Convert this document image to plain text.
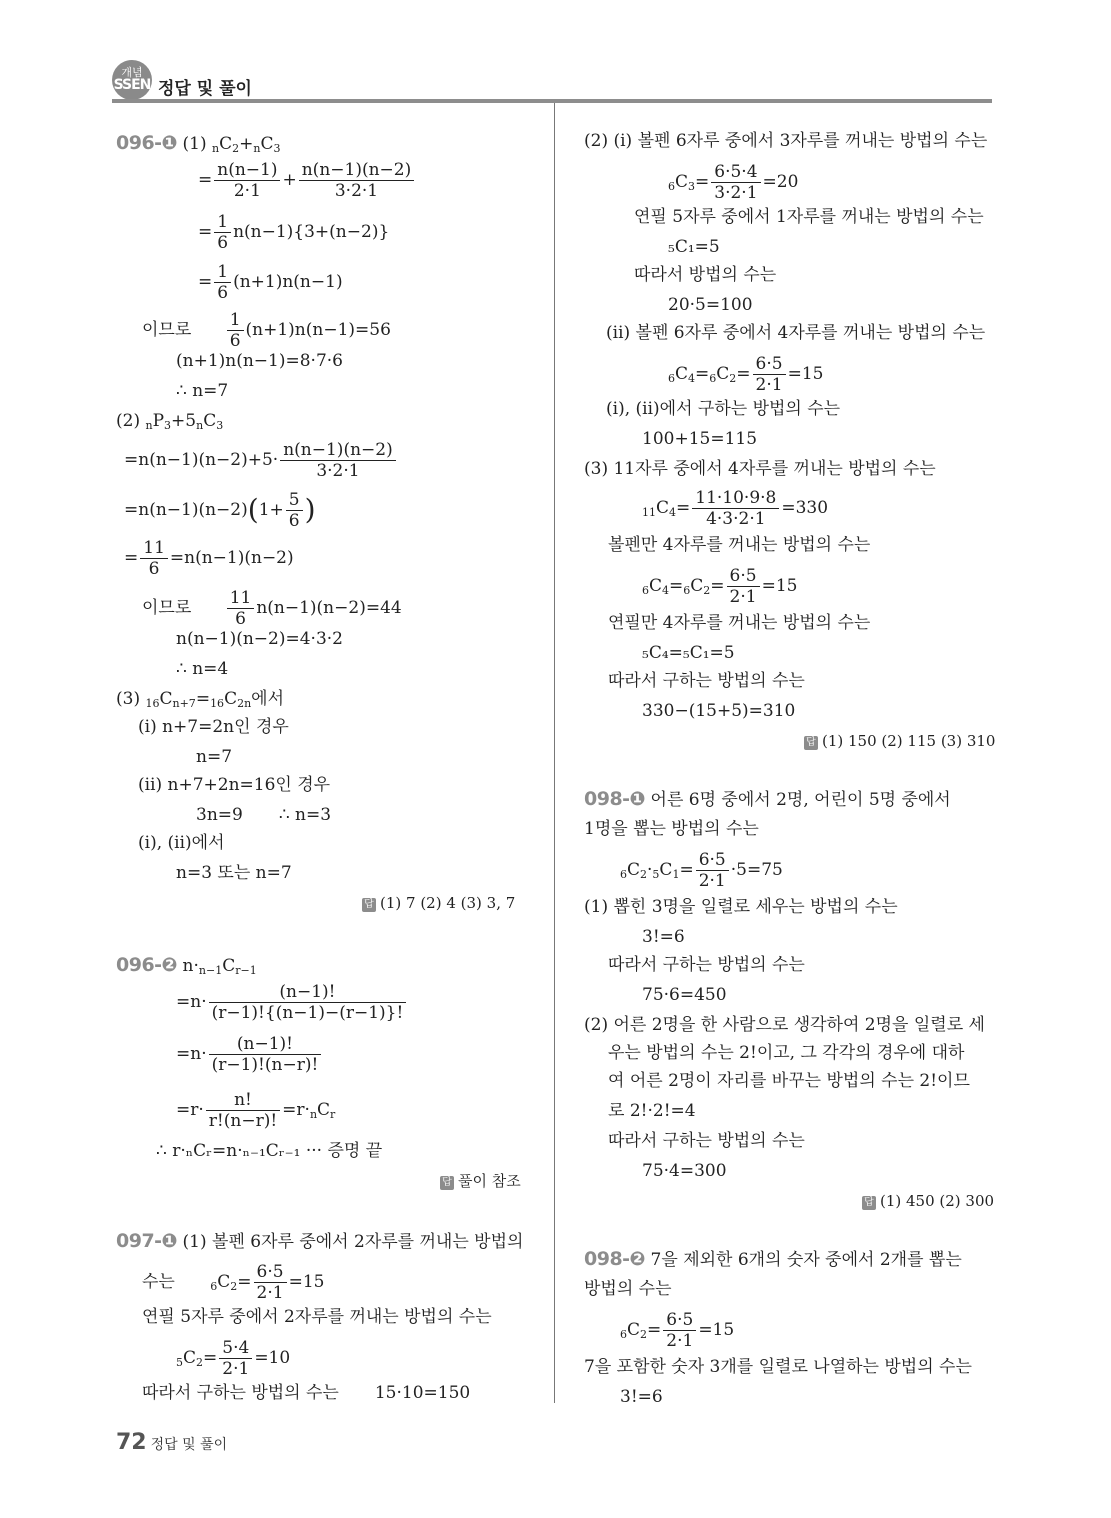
개념
SSEN 정답 및 풀이
096-❶ (1) $_nC_2+_nC_3$
= $\frac{n(n-1)}{2\cdot 1} + \frac{n(n-1)(n-2)}{3\cdot 2\cdot 1}$
= $\frac{1}{6} n(n-1)\{3+(n-2)\}$
= $\frac{1}{6} (n+1)n(n-1)$
이므로 $\frac{1}{6} (n+1)n(n-1)=56$
(n+1)n(n−1)=8·7·6
∴ n=7
(2) $_nP_3+5_nC_3$
$=n(n-1)(n-2)+5\cdot \frac{n(n-1)(n-2)}{3\cdot 2\cdot 1}$
$=n(n-1)(n-2)(1+ \frac{5}{6}$ )
= $\frac{11}{6} =n(n-1)(n-2)$
이므로 $\frac{11}{6} n(n-1)(n-2)=44$
n(n−1)(n−2)=4·3·2
∴ n=4
(3) $_{16}C_{n+7}=_{16}C_{2n}$에서
(ⅰ) n+7=2n인 경우
n=7
(ⅱ) n+7+2n=16인 경우
3n=9 ∴ n=3
(ⅰ), (ⅱ)에서
n=3 또는 n=7
답 (1) 7 (2) 4 (3) 3, 7
096-❷ $n\cdot_{n-1}C_{r-1}$
$=n\cdot \frac{(n-1)!}{(r-1)!\{(n-1)-(r-1)\}!}$
$=n\cdot \frac{(n-1)!}{(r-1)!(n-r)!}$
$=r\cdot \frac{n!}{r!(n-r)!} =r\cdot_nC_r$
∴ r·ₙCᵣ=n·ₙ₋₁Cᵣ₋₁ ··· 증명 끝
답 풀이 참조
097-❶ (1) 볼펜 6자루 중에서 2자루를 꺼내는 방법의
수는	$_6C_2= \frac{6\cdot 5}{2\cdot 1} =15$
연필 5자루 중에서 2자루를 꺼내는 방법의 수는
$_5C_2= \frac{5\cdot 4}{2\cdot 1} =10$
따라서 구하는 방법의 수는 15·10=150
(2) (ⅰ) 볼펜 6자루 중에서 3자루를 꺼내는 방법의 수는
$_6C_3= \frac{6\cdot 5\cdot 4}{3\cdot 2\cdot 1} =20$
연필 5자루 중에서 1자루를 꺼내는 방법의 수는
₅C₁=5
따라서 방법의 수는
20·5=100
(ⅱ) 볼펜 6자루 중에서 4자루를 꺼내는 방법의 수는
$_6C_4=_6C_2= \frac{6\cdot 5}{2\cdot 1} =15$
(ⅰ), (ⅱ)에서 구하는 방법의 수는
100+15=115
(3) 11자루 중에서 4자루를 꺼내는 방법의 수는
$_{11}C_4= \frac{11\cdot 10\cdot 9\cdot 8}{4\cdot 3\cdot 2\cdot 1} =330$
볼펜만 4자루를 꺼내는 방법의 수는
$_6C_4=_6C_2= \frac{6\cdot 5}{2\cdot 1} =15$
연필만 4자루를 꺼내는 방법의 수는
₅C₄=₅C₁=5
따라서 구하는 방법의 수는
330−(15+5)=310
답 (1) 150 (2) 115 (3) 310
098-❶ 어른 6명 중에서 2명, 어린이 5명 중에서
1명을 뽑는 방법의 수는
$_6C_2\cdot_5C_1= \frac{6\cdot 5}{2\cdot 1} \cdot 5=75$
(1) 뽑힌 3명을 일렬로 세우는 방법의 수는
3!=6
따라서 구하는 방법의 수는
75·6=450
(2) 어른 2명을 한 사람으로 생각하여 2명을 일렬로 세
우는 방법의 수는 2!이고, 그 각각의 경우에 대하
여 어른 2명이 자리를 바꾸는 방법의 수는 2!이므
로 2!·2!=4
따라서 구하는 방법의 수는
75·4=300
답 (1) 450 (2) 300
098-❷ 7을 제외한 6개의 숫자 중에서 2개를 뽑는
방법의 수는
$_6C_2= \frac{6\cdot 5}{2\cdot 1} =15$
7을 포함한 숫자 3개를 일렬로 나열하는 방법의 수는
3!=6
72 정답 및 풀이
